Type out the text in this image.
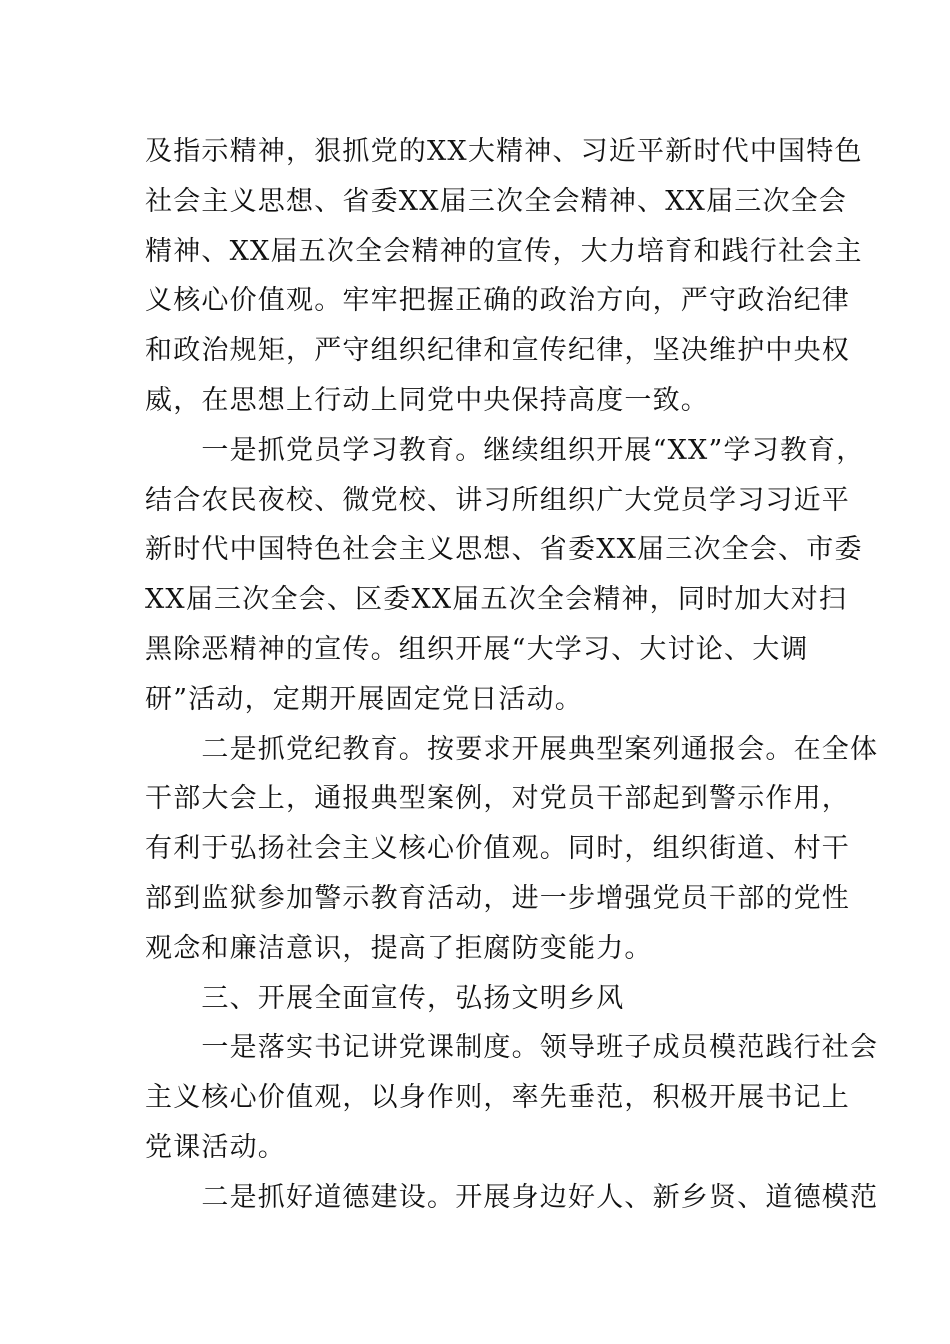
及指示精神，狠抓党的XX大精神、习近平新时代中国特色
社会主义思想、省委XX届三次全会精神、XX届三次全会
精神、XX届五次全会精神的宣传，大力培育和践行社会主
义核心价值观。牢牢把握正确的政治方向，严守政治纪律
和政治规矩，严守组织纪律和宣传纪律，坚决维护中央权
威，在思想上行动上同党中央保持高度一致。
　　一是抓党员学习教育。继续组织开展“XX”学习教育，
结合农民夜校、微党校、讲习所组织广大党员学习习近平
新时代中国特色社会主义思想、省委XX届三次全会、市委
XX届三次全会、区委XX届五次全会精神，同时加大对扫
黑除恶精神的宣传。组织开展“大学习、大讨论、大调
研”活动，定期开展固定党日活动。
　　二是抓党纪教育。按要求开展典型案列通报会。在全体
干部大会上，通报典型案例，对党员干部起到警示作用，
有利于弘扬社会主义核心价值观。同时，组织街道、村干
部到监狱参加警示教育活动，进一步增强党员干部的党性
观念和廉洁意识，提高了拒腐防变能力。
　　三、开展全面宣传，弘扬文明乡风
　　一是落实书记讲党课制度。领导班子成员模范践行社会
主义核心价值观，以身作则，率先垂范，积极开展书记上
党课活动。
　　二是抓好道德建设。开展身边好人、新乡贤、道德模范
